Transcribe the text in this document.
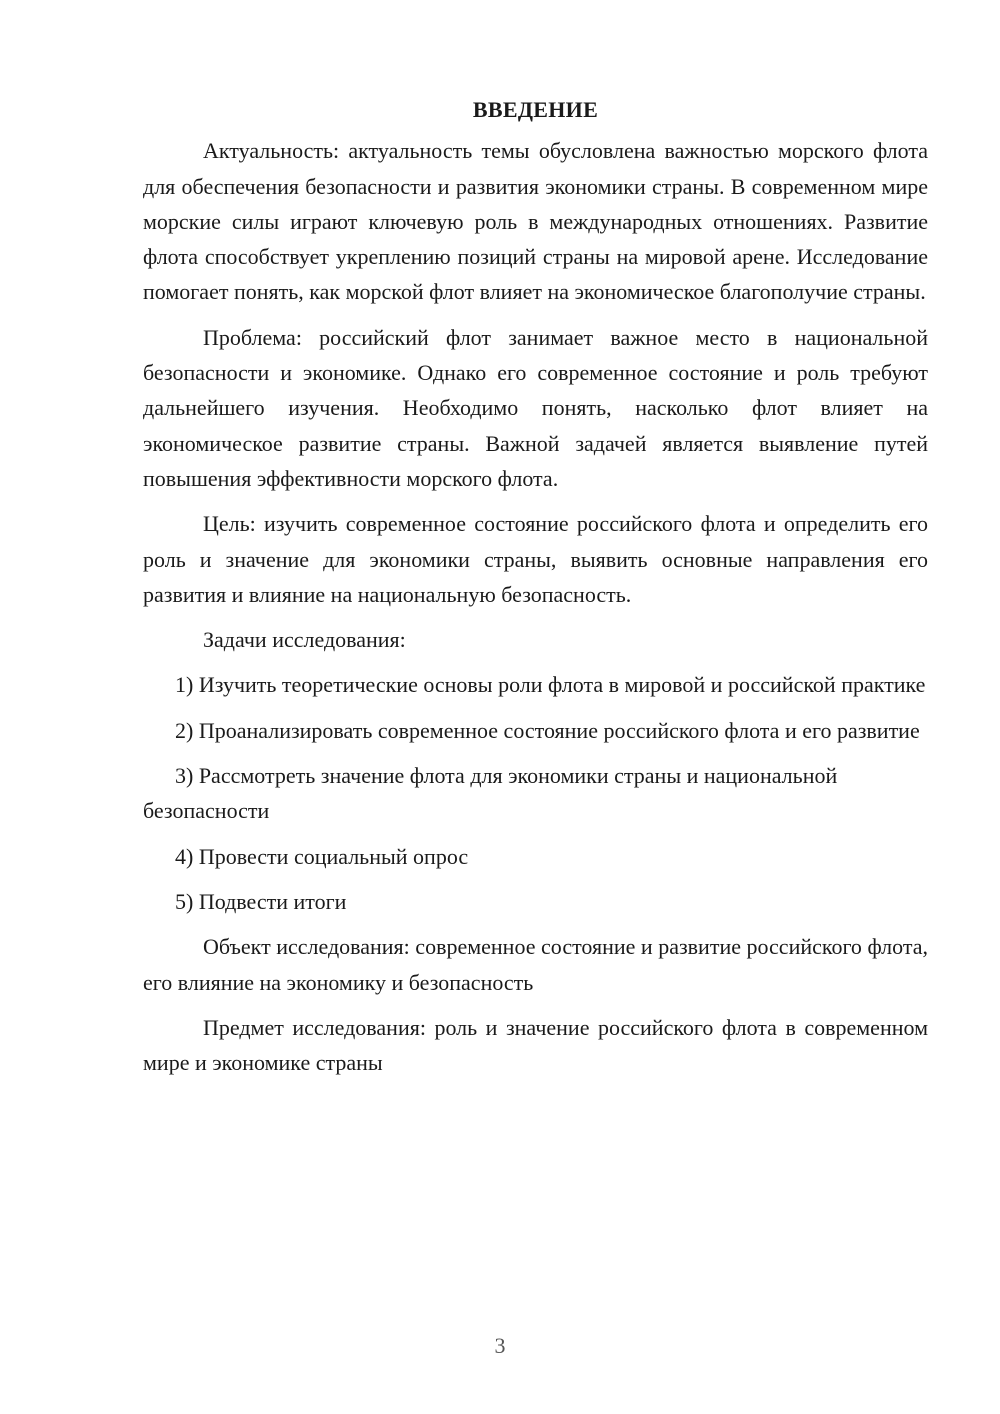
ВВЕДЕНИЕ

Актуальность: актуальность темы обусловлена важностью морского флота для обеспечения безопасности и развития экономики страны. В современном мире морские силы играют ключевую роль в международных отношениях. Развитие флота способствует укреплению позиций страны на мировой арене. Исследование помогает понять, как морской флот влияет на экономическое благополучие страны.

Проблема: российский флот занимает важное место в национальной безопасности и экономике. Однако его современное состояние и роль требуют дальнейшего изучения. Необходимо понять, насколько флот влияет на экономическое развитие страны. Важной задачей является выявление путей повышения эффективности морского флота.

Цель: изучить современное состояние российского флота и определить его роль и значение для экономики страны, выявить основные направления его развития и влияние на национальную безопасность.

Задачи исследования:

1) Изучить теоретические основы роли флота в мировой и российской практике

2) Проанализировать современное состояние российского флота и его развитие

3) Рассмотреть значение флота для экономики страны и национальной безопасности

4) Провести социальный опрос

5) Подвести итоги

Объект исследования: современное состояние и развитие российского флота, его влияние на экономику и безопасность

Предмет исследования: роль и значение российского флота в современном мире и экономике страны

3
